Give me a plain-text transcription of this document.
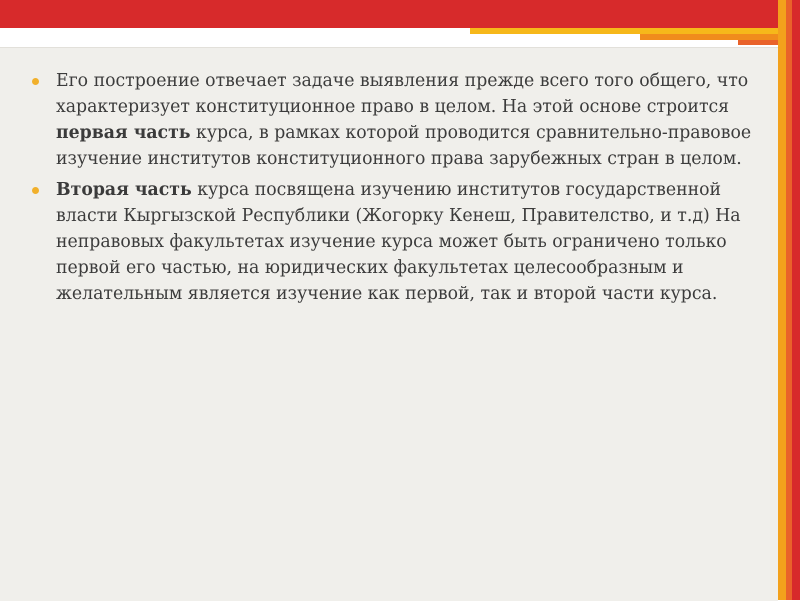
Его построение отвечает задаче выявления прежде всего того общего, что характеризует конституционное право в целом. На этой основе строится первая часть курса, в рамках которой проводится сравнительно-правовое изучение институтов конституционного права зарубежных стран в целом.
Вторая часть курса посвящена изучению институтов государственной власти Кыргызской Республики (Жогорку Кенеш, Правителство, и т.д) На неправовых факультетах изучение курса может быть ограничено только первой его частью, на юридических факультетах целесообразным и желательным является изучение как первой, так и второй части курса.
